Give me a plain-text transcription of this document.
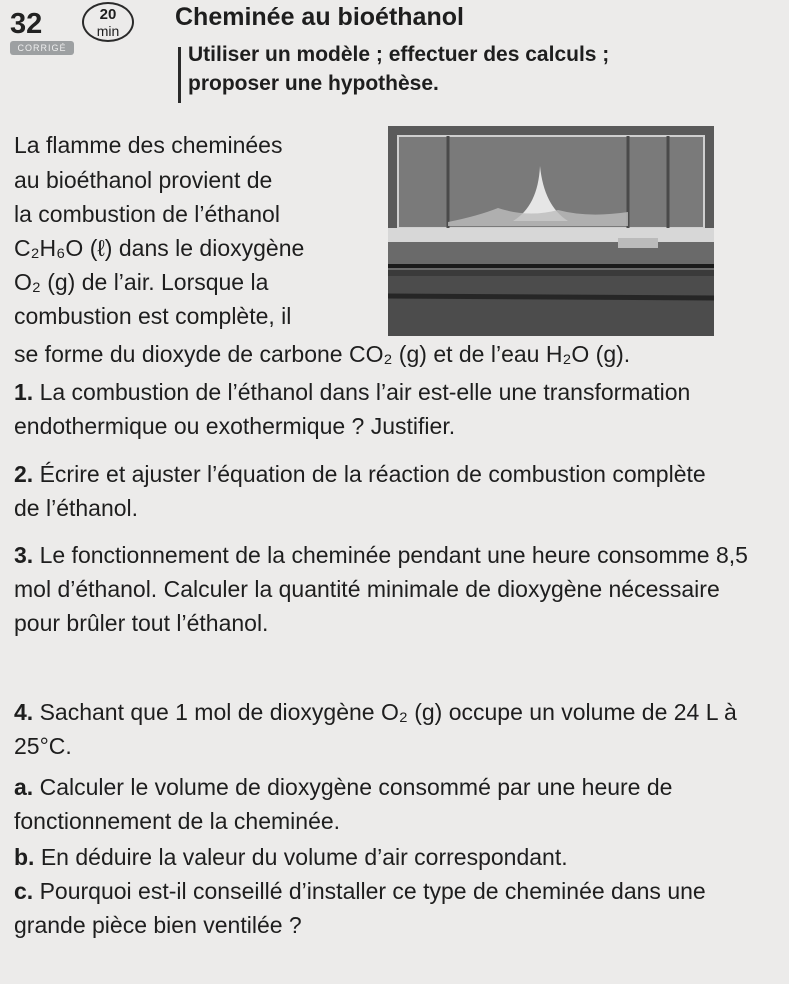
32
CORRIGÉ
20
min	Cheminée au bioéthanol
Utiliser un modèle ; effectuer des calculs ;
proposer une hypothèse.
La flamme des cheminées
au bioéthanol provient de
la combustion de l’éthanol
C₂H₆O (ℓ) dans le dioxygène
O₂ (g) de l’air. Lorsque la
combustion est complète, il
se forme du dioxyde de carbone CO₂ (g) et de l’eau H₂O (g).
1. La combustion de l’éthanol dans l’air est-elle une transformation endothermique ou exothermique ? Justifier.
2. Écrire et ajuster l’équation de la réaction de combustion complète de l’éthanol.
3. Le fonctionnement de la cheminée pendant une heure consomme 8,5 mol d’éthanol. Calculer la quantité minimale de dioxygène nécessaire pour brûler tout l’éthanol.
4. Sachant que 1 mol de dioxygène O₂ (g) occupe un volume de 24 L à 25°C.
a. Calculer le volume de dioxygène consommé par une heure de fonctionnement de la cheminée.
b. En déduire la valeur du volume d’air correspondant.
c. Pourquoi est-il conseillé d’installer ce type de cheminée dans une grande pièce bien ventilée ?
